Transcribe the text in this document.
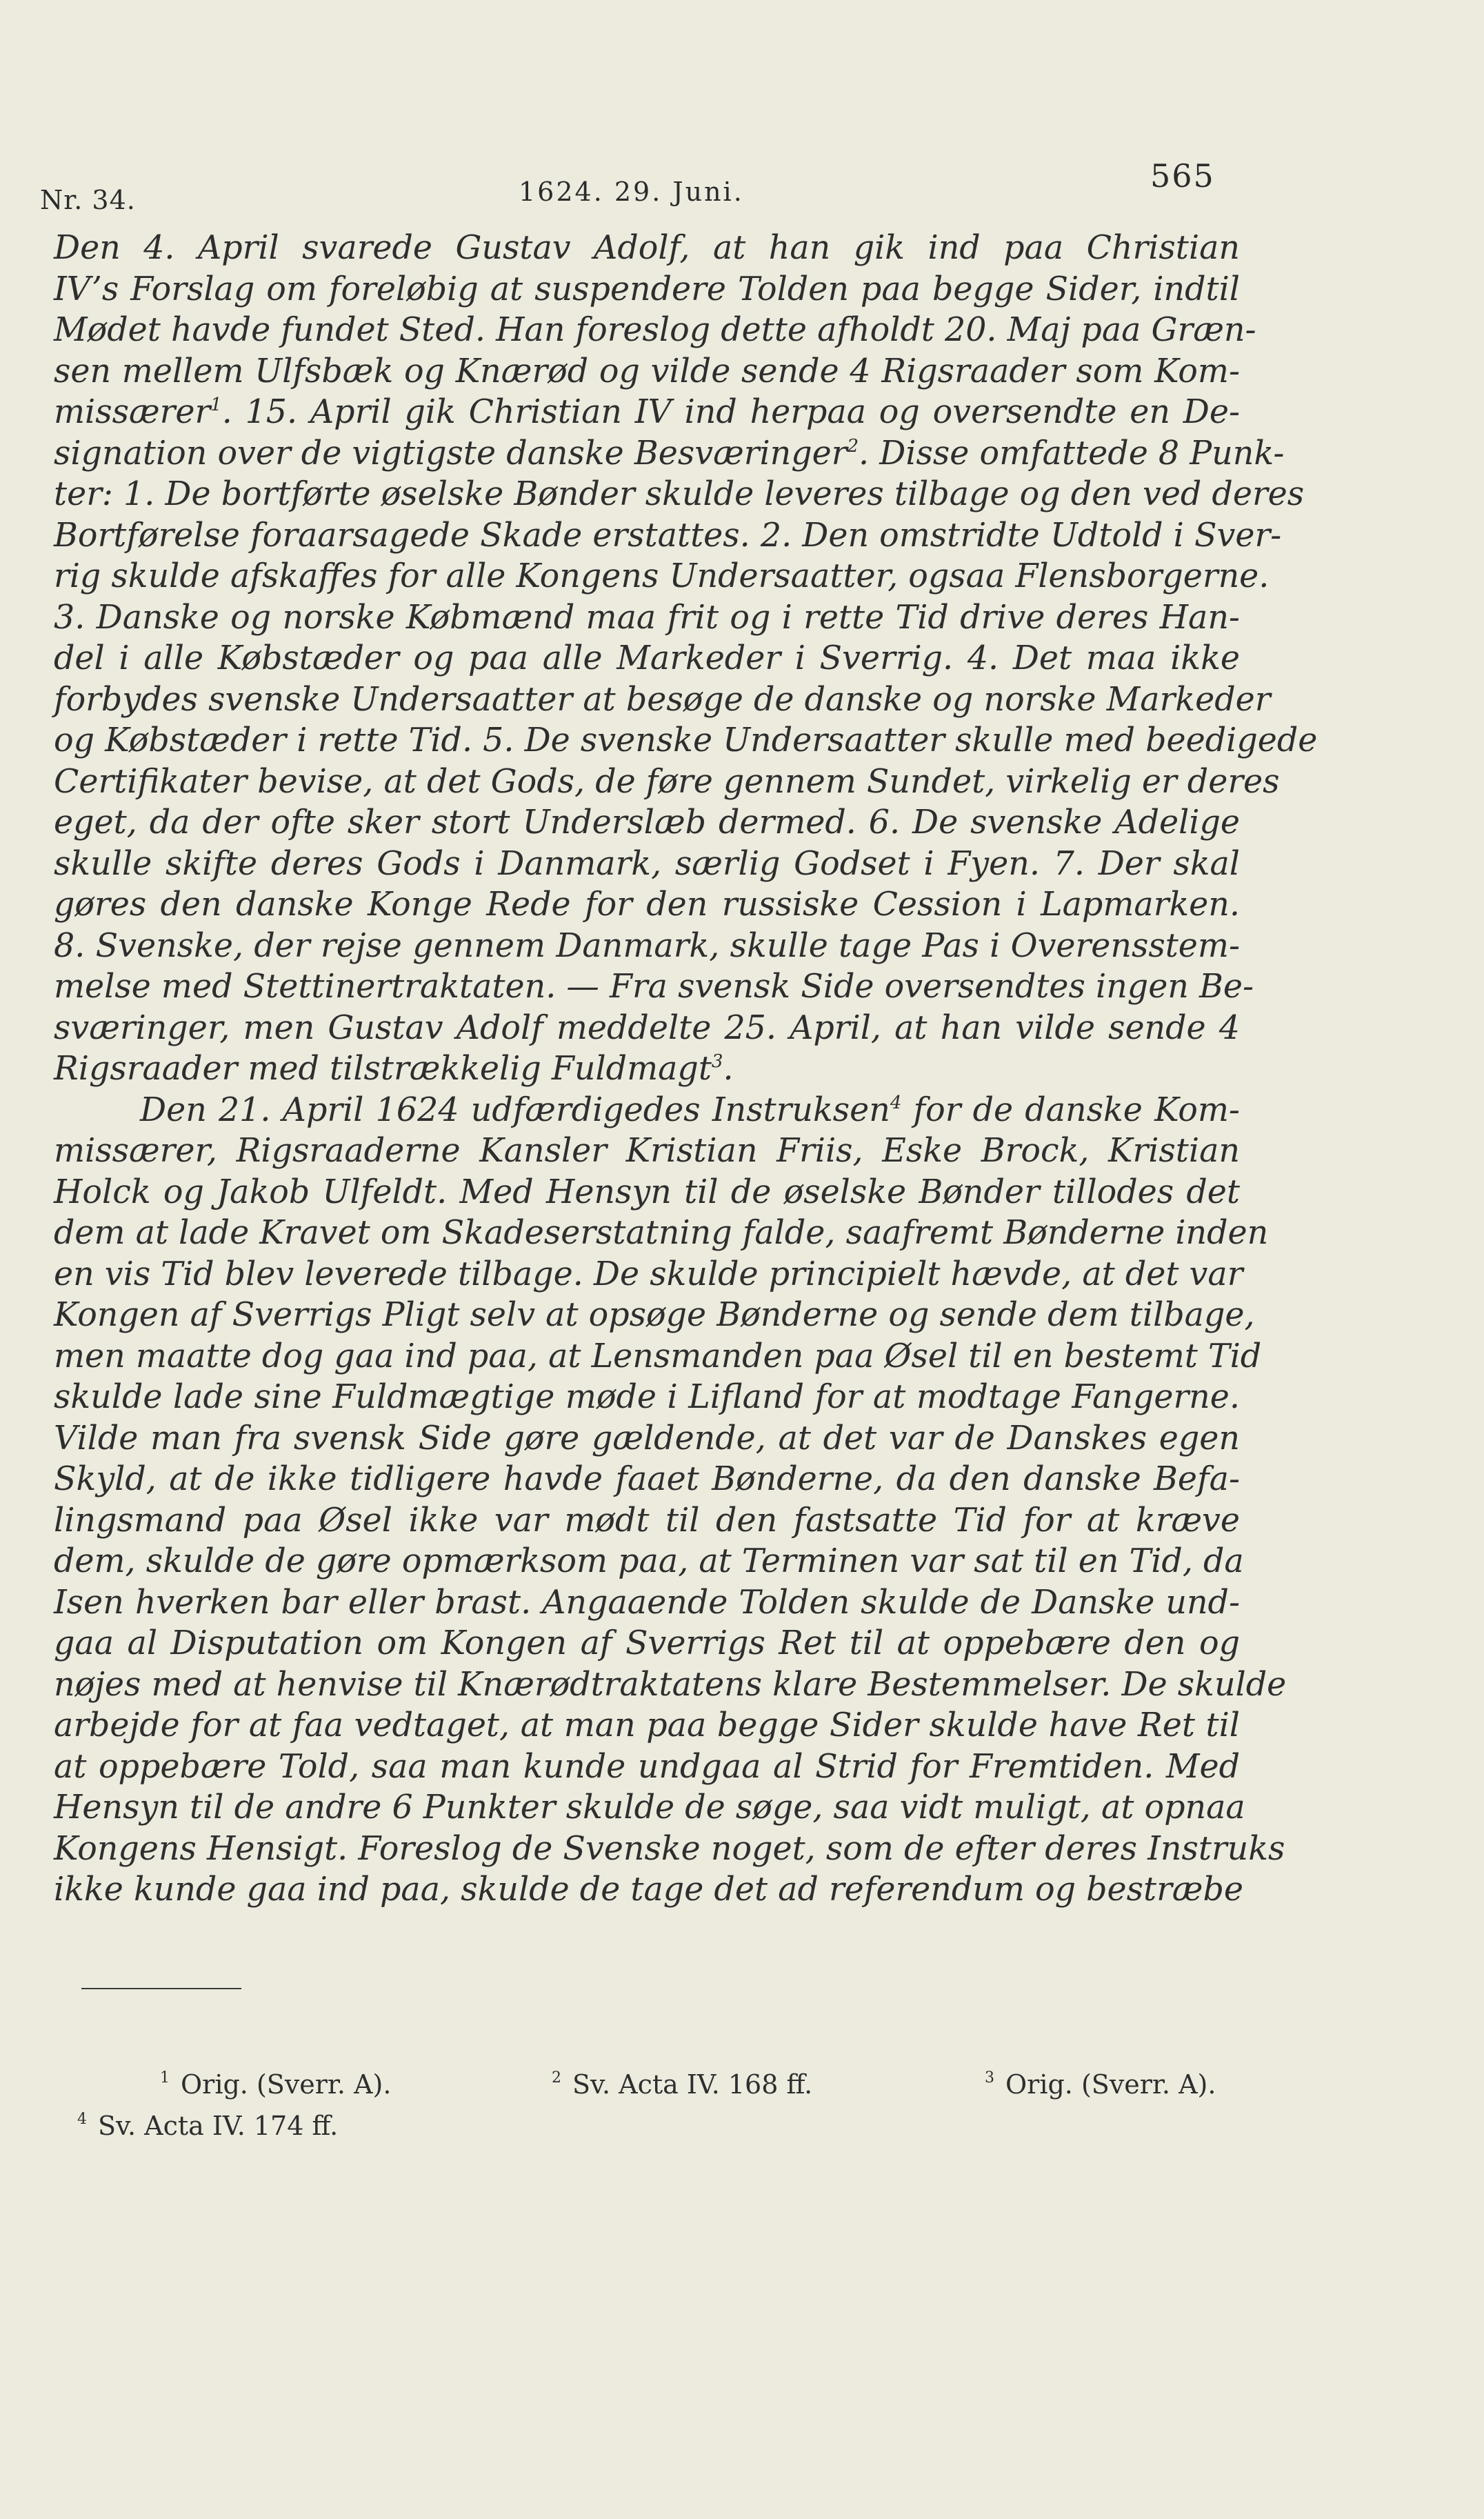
Nr. 34.	1624. 29. Juni.	565
Den 4. April svarede Gustav Adolf, at han gik ind paa Christian
IV’s Forslag om foreløbig at suspendere Tolden paa begge Sider, indtil
Mødet havde fundet Sted. Han foreslog dette afholdt 20. Maj paa Græn-
sen mellem Ulfsbæk og Knærød og vilde sende 4 Rigsraader som Kom-
missærer$^1$. 15. April gik Christian IV ind herpaa og oversendte en De-
signation over de vigtigste danske Besværinger$^2$. Disse omfattede 8 Punk-
ter: 1. De bortførte øselske Bønder skulde leveres tilbage og den ved deres
Bortførelse foraarsagede Skade erstattes. 2. Den omstridte Udtold i Sver-
rig skulde afskaffes for alle Kongens Undersaatter, ogsaa Flensborgerne.
3. Danske og norske Købmænd maa frit og i rette Tid drive deres Han-
del i alle Købstæder og paa alle Markeder i Sverrig. 4. Det maa ikke
forbydes svenske Undersaatter at besøge de danske og norske Markeder
og Købstæder i rette Tid. 5. De svenske Undersaatter skulle med beedigede
Certifikater bevise, at det Gods, de føre gennem Sundet, virkelig er deres
eget, da der ofte sker stort Underslæb dermed. 6. De svenske Adelige
skulle skifte deres Gods i Danmark, særlig Godset i Fyen. 7. Der skal
gøres den danske Konge Rede for den russiske Cession i Lapmarken.
8. Svenske, der rejse gennem Danmark, skulle tage Pas i Overensstem-
melse med Stettinertraktaten. — Fra svensk Side oversendtes ingen Be-
sværinger, men Gustav Adolf meddelte 25. April, at han vilde sende 4
Rigsraader med tilstrækkelig Fuldmagt$^3$.
Den 21. April 1624 udfærdigedes Instruksen$^4$ for de danske Kom-
missærer, Rigsraaderne Kansler Kristian Friis, Eske Brock, Kristian
Holck og Jakob Ulfeldt. Med Hensyn til de øselske Bønder tillodes det
dem at lade Kravet om Skadeserstatning falde, saafremt Bønderne inden
en vis Tid blev leverede tilbage. De skulde principielt hævde, at det var
Kongen af Sverrigs Pligt selv at opsøge Bønderne og sende dem tilbage,
men maatte dog gaa ind paa, at Lensmanden paa Øsel til en bestemt Tid
skulde lade sine Fuldmægtige møde i Lifland for at modtage Fangerne.
Vilde man fra svensk Side gøre gældende, at det var de Danskes egen
Skyld, at de ikke tidligere havde faaet Bønderne, da den danske Befa-
lingsmand paa Øsel ikke var mødt til den fastsatte Tid for at kræve
dem, skulde de gøre opmærksom paa, at Terminen var sat til en Tid, da
Isen hverken bar eller brast. Angaaende Tolden skulde de Danske und-
gaa al Disputation om Kongen af Sverrigs Ret til at oppebære den og
nøjes med at henvise til Knærødtraktatens klare Bestemmelser. De skulde
arbejde for at faa vedtaget, at man paa begge Sider skulde have Ret til
at oppebære Told, saa man kunde undgaa al Strid for Fremtiden. Med
Hensyn til de andre 6 Punkter skulde de søge, saa vidt muligt, at opnaa
Kongens Hensigt. Foreslog de Svenske noget, som de efter deres Instruks
ikke kunde gaa ind paa, skulde de tage det ad referendum og bestræbe
$^1$ Orig. (Sverr. A).	$^2$ Sv. Acta IV. 168 ff.	$^3$ Orig. (Sverr. A).
$^4$ Sv. Acta IV. 174 ff.
